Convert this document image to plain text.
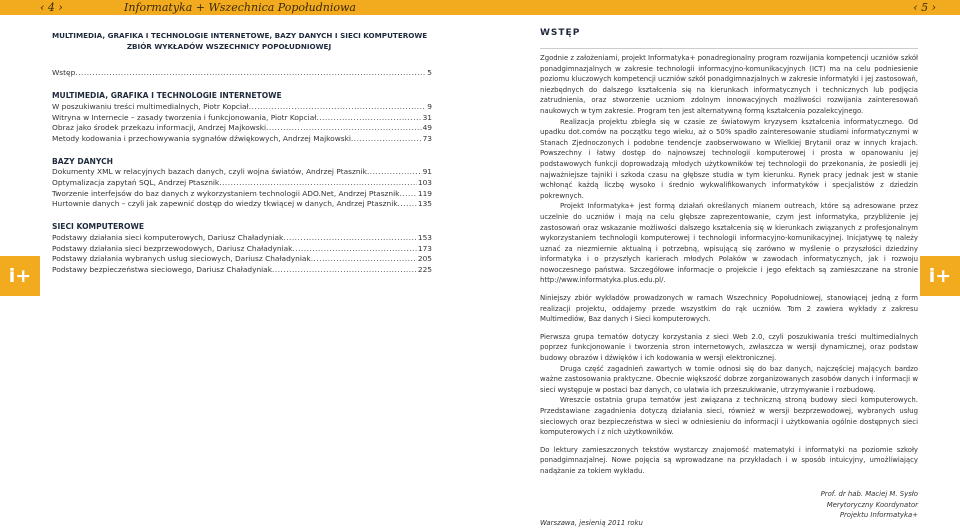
‹ 4 ›	Informatyka + Wszechnica Popołudniowa	‹ 5 ›
i+	i+
MULTIMEDIA, GRAFIKA I TECHNOLOGIE INTERNETOWE, BAZY DANYCH I SIECI KOMPUTEROWE
ZBIÓR WYKŁADÓW WSZECHNICY POPOŁUDNIOWEJ
Wstęp .....	5
MULTIMEDIA, GRAFIKA I TECHNOLOGIE INTERNETOWE
W poszukiwaniu treści multimedialnych, Piotr Kopciał .....	9
Witryna w Internecie – zasady tworzenia i funkcjonowania, Piotr Kopciał .....	31
Obraz jako środek przekazu informacji, Andrzej Majkowski .....	49
Metody kodowania i przechowywania sygnałów dźwiękowych, Andrzej Majkowski .....	73
BAZY DANYCH
Dokumenty XML w relacyjnych bazach danych, czyli wojna światów, Andrzej Ptasznik .....	91
Optymalizacja zapytań SQL, Andrzej Ptasznik .....	103
Tworzenie interfejsów do baz danych z wykorzystaniem technologii ADO.Net, Andrzej Ptasznik ..... 119
Hurtownie danych – czyli jak zapewnić dostęp do wiedzy tkwiącej w danych, Andrzej Ptasznik .....	135
SIECI KOMPUTEROWE
Podstawy działania sieci komputerowych, Dariusz Chaładyniak .....	153
Podstawy działania sieci bezprzewodowych, Dariusz Chaładyniak .....	173
Podstawy działania wybranych usług sieciowych, Dariusz Chaładyniak .....	205
Podstawy bezpieczeństwa sieciowego, Dariusz Chaładyniak .....	225
WSTĘP

Zgodnie z założeniami, projekt Informatyka+ ponadregionalny program rozwijania kompetencji uczniów szkół ponadgimnazjalnych w zakresie technologii informacyjno-komunikacyjnych (ICT) ma na celu podniesienie poziomu kluczowych kompetencji uczniów szkół ponadgimnazjalnych w zakresie informatyki i jej zastosowań, niezbędnych do dalszego kształcenia się na kierunkach informatycznych i technicznych lub podjęcia zatrudnienia, oraz stworzenie uczniom zdolnym innowacyjnych możliwości rozwijania zainteresowań naukowych w tym zakresie. Program ten jest alternatywną formą kształcenia pozalekcyjnego.

Realizacja projektu zbiegła się w czasie ze światowym kryzysem kształcenia informatycznego. Od upadku dot.comów na początku tego wieku, aż o 50% spadło zainteresowanie studiami informatycznymi w Stanach Zjednoczonych i podobne tendencje zaobserwowano w Wielkiej Brytanii oraz w innych krajach. Powszechny i łatwy dostęp do najnowszej technologii komputerowej i prosta w opanowaniu jej podstawowych funkcji doprowadzają młodych użytkowników tej technologii do przekonania, że posiedli jej najważniejsze tajniki i szkoda czasu na głębsze studia w tym kierunku. Rynek pracy jednak jest w stanie wchłonąć każdą liczbę wysoko i średnio wykwalifikowanych informatyków i specjalistów z dziedzin pokrewnych.

Projekt Informatyka+ jest formą działań określanych mianem outreach, które są adresowane przez uczelnie do uczniów i mają na celu głębsze zaprezentowanie, czym jest informatyka, przybliżenie jej zastosowań oraz wskazanie możliwości dalszego kształcenia się w kierunkach związanych z profesjonalnym wykorzystaniem technologii komputerowej i technologii informacyjno-komunikacyjnej. Inicjatywę tę należy uznać za niezmiernie aktualną i potrzebną, wpisującą się zarówno w myślenie o przyszłości dziedziny informatyka i o przyszłych karierach młodych Polaków w zawodach informatycznych, jak i rozwoju nowoczesnego państwa. Szczegółowe informacje o projekcie i jego efektach są zamieszczane na stronie http://www.informatyka.plus.edu.pl/.

Niniejszy zbiór wykładów prowadzonych w ramach Wszechnicy Popołudniowej, stanowiącej jedną z form realizacji projektu, oddajemy przede wszystkim do rąk uczniów. Tom 2 zawiera wykłady z zakresu Multimediów, Baz danych i Sieci komputerowych.

Pierwsza grupa tematów dotyczy korzystania z sieci Web 2.0, czyli poszukiwania treści multimedialnych poprzez funkcjonowanie i tworzenia stron internetowych, zwłaszcza w wersji dynamicznej, oraz podstaw budowy obrazów i dźwięków i ich kodowania w wersji elektronicznej.

Druga część zagadnień zawartych w tomie odnosi się do baz danych, najczęściej mających bardzo ważne zastosowania praktyczne. Obecnie większość dobrze zorganizowanych zasobów danych i informacji w sieci występuje w postaci baz danych, co ułatwia ich przeszukiwanie, utrzymywanie i rozbudowę.

Wreszcie ostatnia grupa tematów jest związana z techniczną stroną budowy sieci komputerowych. Przedstawiane zagadnienia dotyczą działania sieci, również w wersji bezprzewodowej, wybranych usług sieciowych oraz bezpieczeństwa w sieci w odniesieniu do informacji i użytkowania ogólnie dostępnych sieci komputerowych i z nich użytkowników.

Do lektury zamieszczonych tekstów wystarczy znajomość matematyki i informatyki na poziomie szkoły ponadgimnazjalnej. Nowe pojęcia są wprowadzane na przykładach i w sposób intuicyjny, umożliwiający nadążanie za tokiem wykładu.

Prof. dr hab. Maciej M. Sysło
Merytoryczny Koordynator
Projektu Informatyka+
Warszawa, jesienią 2011 roku
